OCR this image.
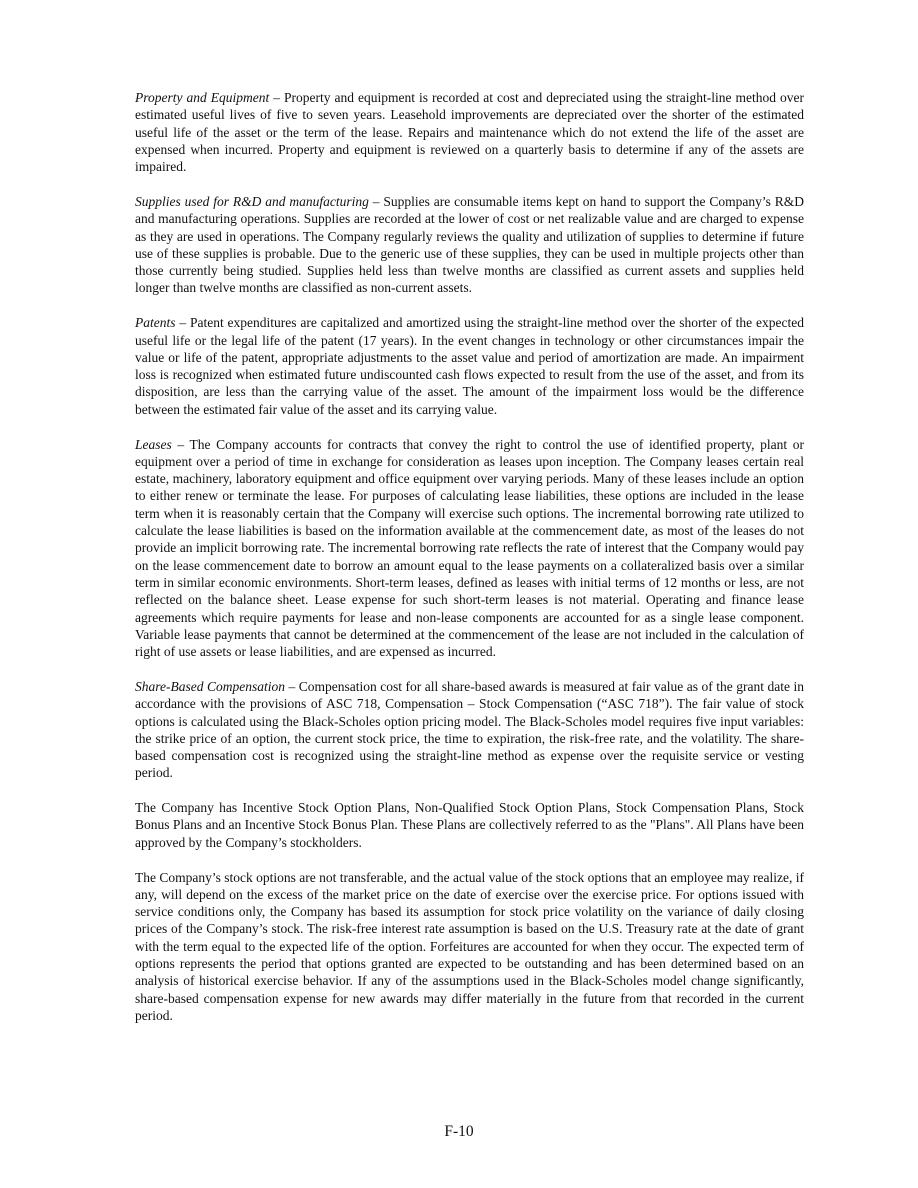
Property and Equipment – Property and equipment is recorded at cost and depreciated using the straight-line method over estimated useful lives of five to seven years. Leasehold improvements are depreciated over the shorter of the estimated useful life of the asset or the term of the lease. Repairs and maintenance which do not extend the life of the asset are expensed when incurred. Property and equipment is reviewed on a quarterly basis to determine if any of the assets are impaired.

Supplies used for R&D and manufacturing – Supplies are consumable items kept on hand to support the Company’s R&D and manufacturing operations. Supplies are recorded at the lower of cost or net realizable value and are charged to expense as they are used in operations. The Company regularly reviews the quality and utilization of supplies to determine if future use of these supplies is probable. Due to the generic use of these supplies, they can be used in multiple projects other than those currently being studied. Supplies held less than twelve months are classified as current assets and supplies held longer than twelve months are classified as non-current assets.

Patents – Patent expenditures are capitalized and amortized using the straight-line method over the shorter of the expected useful life or the legal life of the patent (17 years). In the event changes in technology or other circumstances impair the value or life of the patent, appropriate adjustments to the asset value and period of amortization are made. An impairment loss is recognized when estimated future undiscounted cash flows expected to result from the use of the asset, and from its disposition, are less than the carrying value of the asset. The amount of the impairment loss would be the difference between the estimated fair value of the asset and its carrying value.

Leases – The Company accounts for contracts that convey the right to control the use of identified property, plant or equipment over a period of time in exchange for consideration as leases upon inception. The Company leases certain real estate, machinery, laboratory equipment and office equipment over varying periods. Many of these leases include an option to either renew or terminate the lease. For purposes of calculating lease liabilities, these options are included in the lease term when it is reasonably certain that the Company will exercise such options. The incremental borrowing rate utilized to calculate the lease liabilities is based on the information available at the commencement date, as most of the leases do not provide an implicit borrowing rate. The incremental borrowing rate reflects the rate of interest that the Company would pay on the lease commencement date to borrow an amount equal to the lease payments on a collateralized basis over a similar term in similar economic environments. Short-term leases, defined as leases with initial terms of 12 months or less, are not reflected on the balance sheet. Lease expense for such short-term leases is not material. Operating and finance lease agreements which require payments for lease and non-lease components are accounted for as a single lease component. Variable lease payments that cannot be determined at the commencement of the lease are not included in the calculation of right of use assets or lease liabilities, and are expensed as incurred.

Share-Based Compensation – Compensation cost for all share-based awards is measured at fair value as of the grant date in accordance with the provisions of ASC 718, Compensation – Stock Compensation (“ASC 718”). The fair value of stock options is calculated using the Black-Scholes option pricing model. The Black-Scholes model requires five input variables: the strike price of an option, the current stock price, the time to expiration, the risk-free rate, and the volatility. The share-based compensation cost is recognized using the straight-line method as expense over the requisite service or vesting period.

The Company has Incentive Stock Option Plans, Non-Qualified Stock Option Plans, Stock Compensation Plans, Stock Bonus Plans and an Incentive Stock Bonus Plan. These Plans are collectively referred to as the "Plans". All Plans have been approved by the Company’s stockholders.

The Company’s stock options are not transferable, and the actual value of the stock options that an employee may realize, if any, will depend on the excess of the market price on the date of exercise over the exercise price. For options issued with service conditions only, the Company has based its assumption for stock price volatility on the variance of daily closing prices of the Company’s stock. The risk-free interest rate assumption is based on the U.S. Treasury rate at the date of grant with the term equal to the expected life of the option. Forfeitures are accounted for when they occur. The expected term of options represents the period that options granted are expected to be outstanding and has been determined based on an analysis of historical exercise behavior. If any of the assumptions used in the Black-Scholes model change significantly, share-based compensation expense for new awards may differ materially in the future from that recorded in the current period.

F-10
